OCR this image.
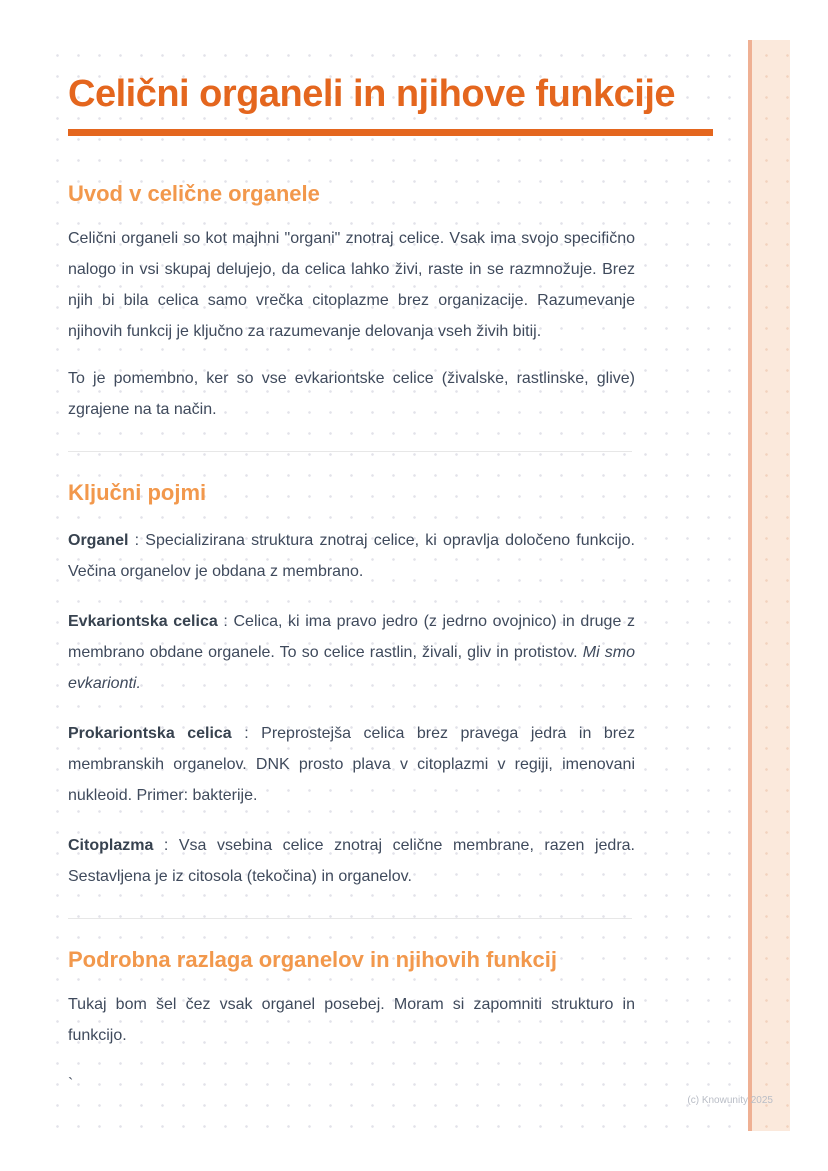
Celični organeli in njihove funkcije
Uvod v celične organele

Celični organeli so kot majhni "organi" znotraj celice. Vsak ima svojo specifično nalogo in vsi skupaj delujejo, da celica lahko živi, raste in se razmnožuje. Brez njih bi bila celica samo vrečka citoplazme brez organizacije. Razumevanje njihovih funkcij je ključno za razumevanje delovanja vseh živih bitij.

To je pomembno, ker so vse evkariontske celice (živalske, rastlinske, glive) zgrajene na ta način.

Ključni pojmi

Organel : Specializirana struktura znotraj celice, ki opravlja določeno funkcijo. Večina organelov je obdana z membrano.

Evkariontska celica : Celica, ki ima pravo jedro (z jedrno ovojnico) in druge z membrano obdane organele. To so celice rastlin, živali, gliv in protistov. Mi smo evkarionti.

Prokariontska celica : Preprostejša celica brez pravega jedra in brez membranskih organelov. DNK prosto plava v citoplazmi v regiji, imenovani nukleoid. Primer: bakterije.

Citoplazma : Vsa vsebina celice znotraj celične membrane, razen jedra. Sestavljena je iz citosola (tekočina) in organelov.

Podrobna razlaga organelov in njihovih funkcij

Tukaj bom šel čez vsak organel posebej. Moram si zapomniti strukturo in funkcijo.

`

(c) Knowunity 2025
